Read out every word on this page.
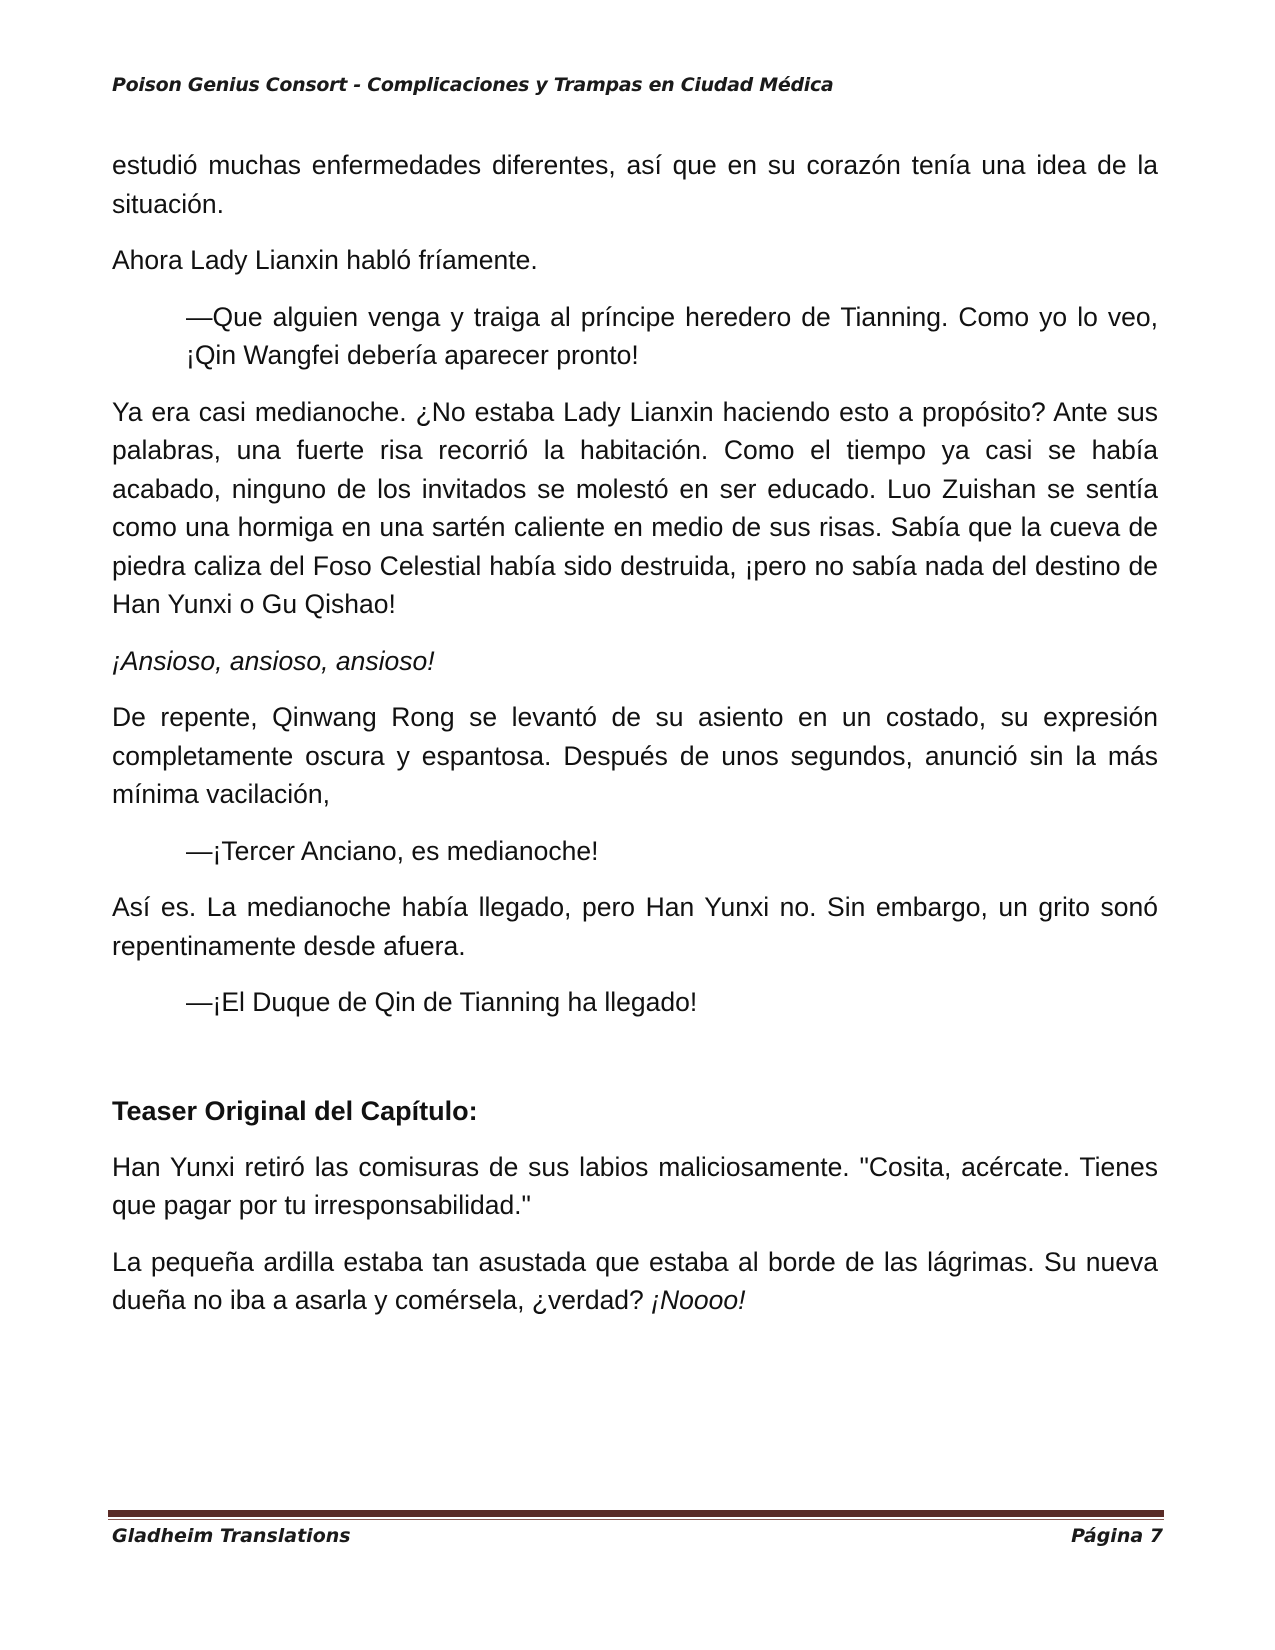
Poison Genius Consort - Complicaciones y Trampas en Ciudad Médica

estudió muchas enfermedades diferentes, así que en su corazón tenía una idea de la situación.

Ahora Lady Lianxin habló fríamente.

—Que alguien venga y traiga al príncipe heredero de Tianning. Como yo lo veo, ¡Qin Wangfei debería aparecer pronto!

Ya era casi medianoche. ¿No estaba Lady Lianxin haciendo esto a propósito? Ante sus palabras, una fuerte risa recorrió la habitación. Como el tiempo ya casi se había acabado, ninguno de los invitados se molestó en ser educado. Luo Zuishan se sentía como una hormiga en una sartén caliente en medio de sus risas. Sabía que la cueva de piedra caliza del Foso Celestial había sido destruida, ¡pero no sabía nada del destino de Han Yunxi o Gu Qishao!

¡Ansioso, ansioso, ansioso!

De repente, Qinwang Rong se levantó de su asiento en un costado, su expresión completamente oscura y espantosa. Después de unos segundos, anunció sin la más mínima vacilación,

—¡Tercer Anciano, es medianoche!

Así es. La medianoche había llegado, pero Han Yunxi no. Sin embargo, un grito sonó repentinamente desde afuera.

—¡El Duque de Qin de Tianning ha llegado!

Teaser Original del Capítulo:

Han Yunxi retiró las comisuras de sus labios maliciosamente. "Cosita, acércate. Tienes que pagar por tu irresponsabilidad."

La pequeña ardilla estaba tan asustada que estaba al borde de las lágrimas. Su nueva dueña no iba a asarla y comérsela, ¿verdad? ¡Noooo!

Gladheim Translations	Página 7
